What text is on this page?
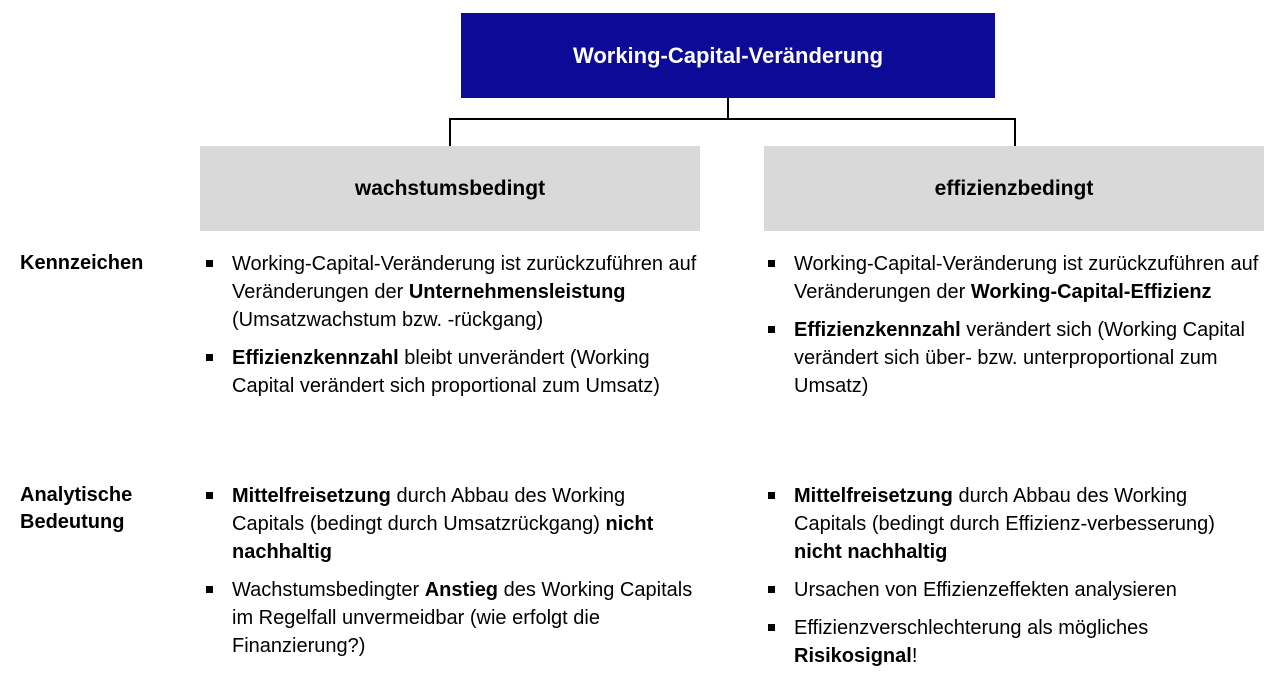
Working-Capital-Veränderung
wachstumsbedingt	effizienzbedingt
Kennzeichen
Analytische
Bedeutung
Working-Capital-Veränderung ist zurückzuführen auf Veränderungen der Unternehmensleistung (Umsatzwachstum bzw. -rückgang)
Effizienzkennzahl bleibt unverändert (Working Capital verändert sich proportional zum Umsatz)
Working-Capital-Veränderung ist zurückzuführen auf Veränderungen der Working-Capital-Effizienz
Effizienzkennzahl verändert sich (Working Capital verändert sich über- bzw. unterproportional zum Umsatz)
Mittelfreisetzung durch Abbau des Working Capitals (bedingt durch Umsatzrückgang) nicht nachhaltig
Wachstumsbedingter Anstieg des Working Capitals im Regelfall unvermeidbar (wie erfolgt die Finanzierung?)
Mittelfreisetzung durch Abbau des Working Capitals (bedingt durch Effizienz-verbesserung) nicht nachhaltig
Ursachen von Effizienzeffekten analysieren
Effizienzverschlechterung als mögliches Risikosignal!
